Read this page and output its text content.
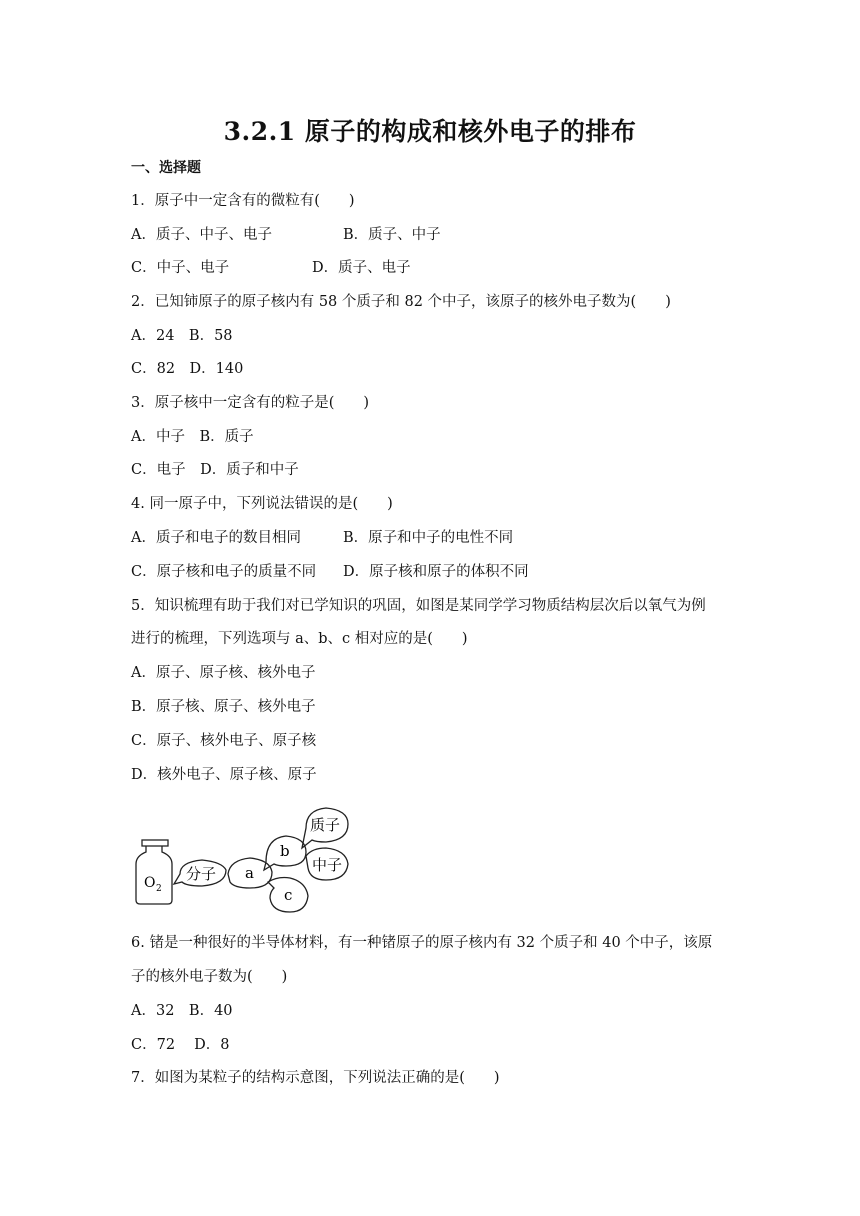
3.2.1 原子的构成和核外电子的排布
一、选择题
1．原子中一定含有的微粒有(　　)
A．质子、中子、电子	B．质子、中子
C．中子、电子	D．质子、电子
2．已知铈原子的原子核内有 58 个质子和 82 个中子，该原子的核外电子数为(　　)
A．24　B．58
C．82　D．140
3．原子核中一定含有的粒子是(　　)
A．中子　B．质子
C．电子　D．质子和中子
4. 同一原子中，下列说法错误的是(　　)
A．质子和电子的数目相同	B．原子和中子的电性不同
C．原子核和电子的质量不同 D．原子核和原子的体积不同
5．知识梳理有助于我们对已学知识的巩固，如图是某同学学习物质结构层次后以氧气为例
进行的梳理，下列选项与 a、b、c 相对应的是(　　)
A．原子、原子核、核外电子
B．原子核、原子、核外电子
C．原子、核外电子、原子核
D．核外电子、原子核、原子
O 2
分子 a
b
c
质子
中子
6. 锗是一种很好的半导体材料，有一种锗原子的原子核内有 32 个质子和 40 个中子，该原
子的核外电子数为(　　)
A．32　B．40
C．72　 D．8
7．如图为某粒子的结构示意图，下列说法正确的是(　　)
